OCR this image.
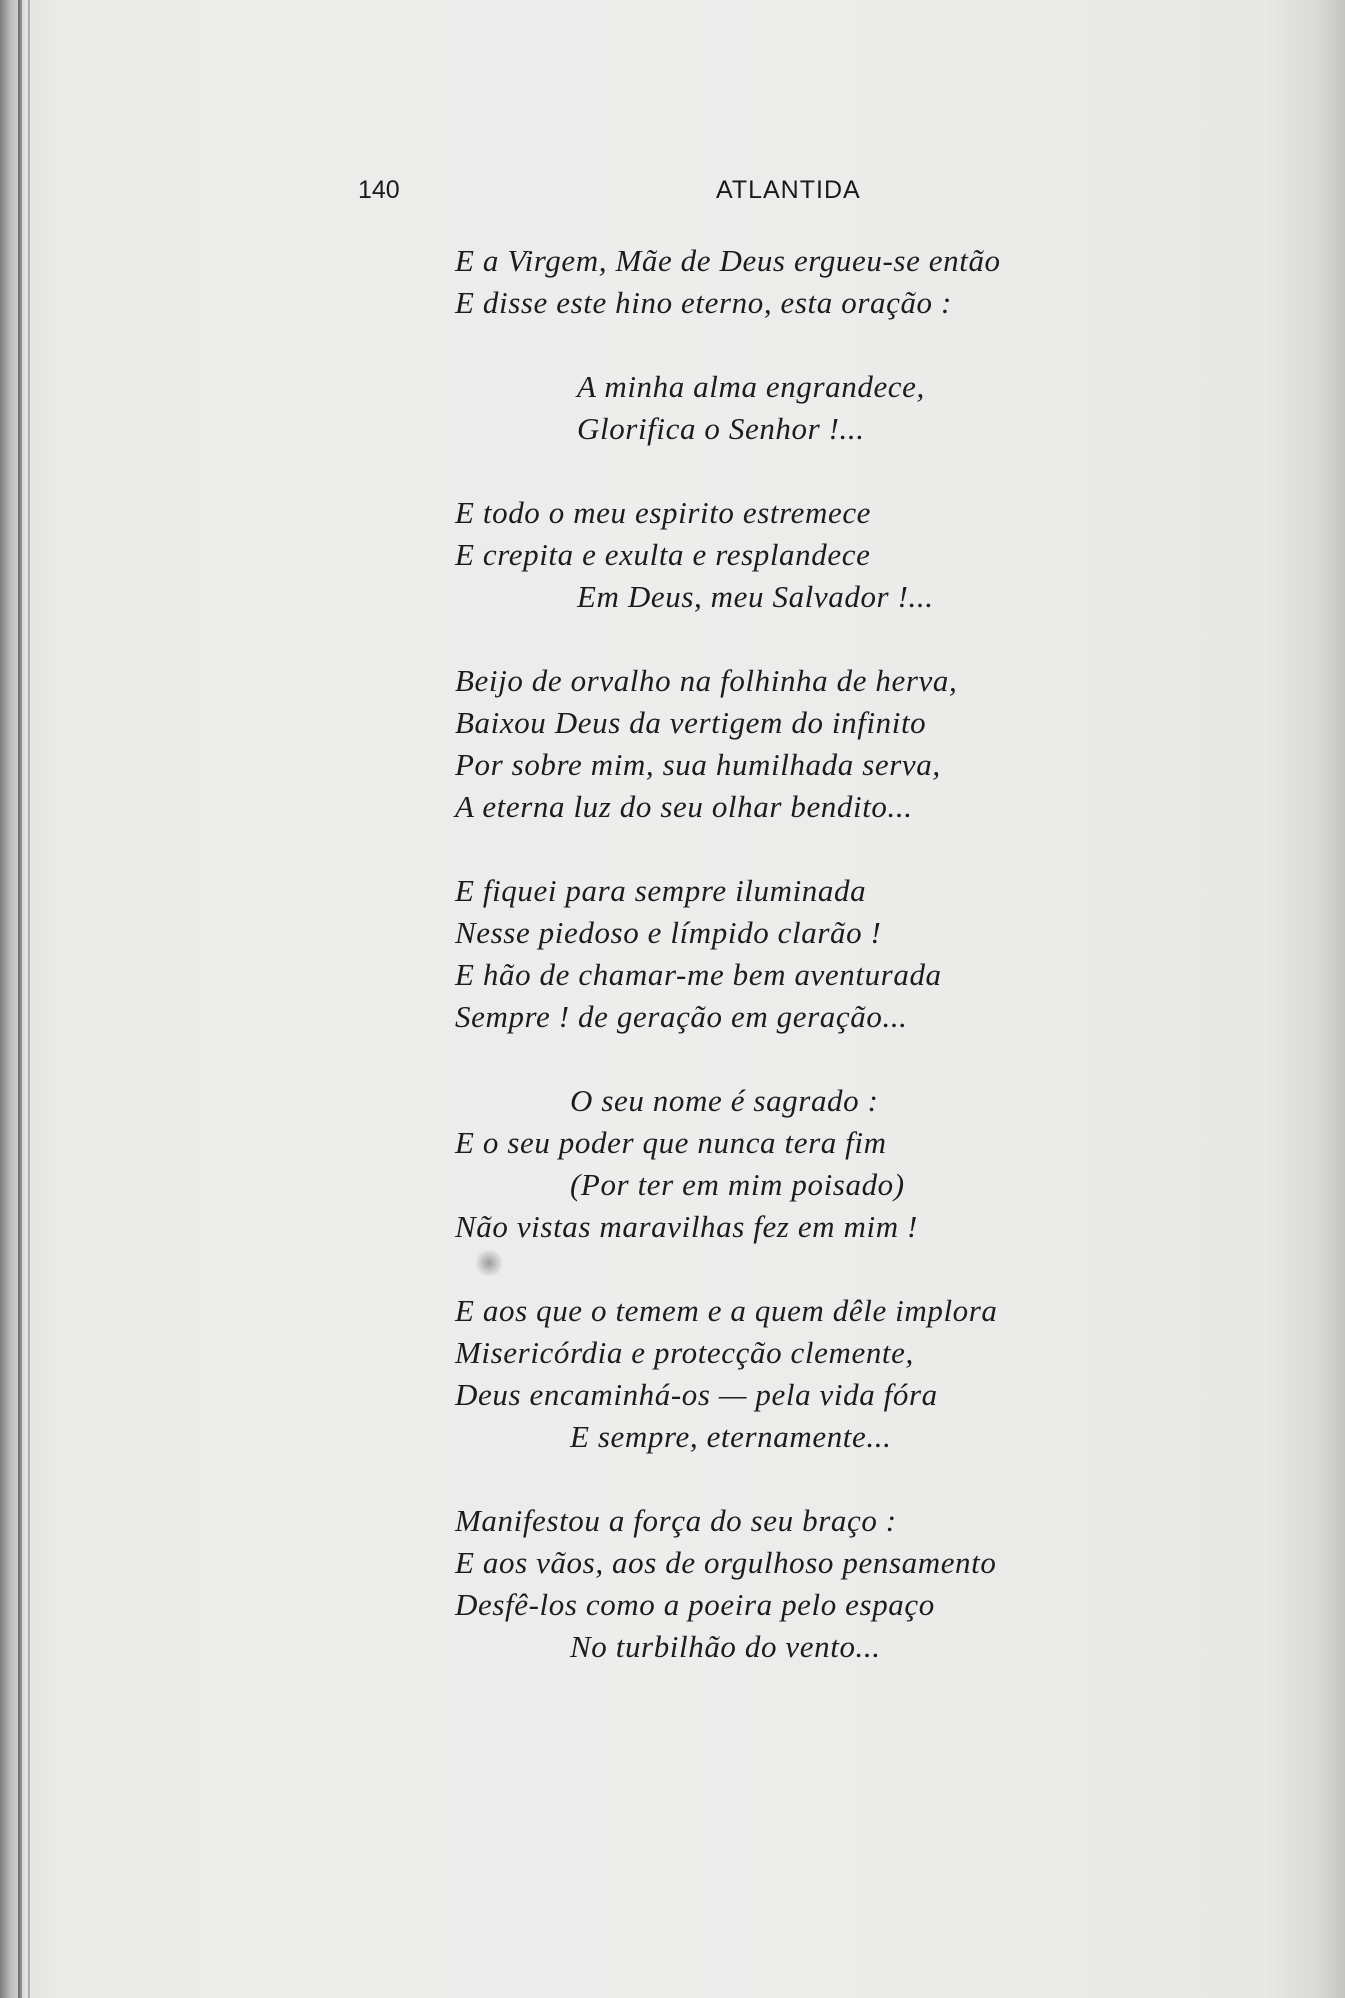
140	ATLANTIDA
E a Virgem, Mãe de Deus ergueu-se então
E disse este hino eterno, esta oração :
A minha alma engrandece,
Glorifica o Senhor !...
E todo o meu espirito estremece
E crepita e exulta e resplandece
Em Deus, meu Salvador !...
Beijo de orvalho na folhinha de herva,
Baixou Deus da vertigem do infinito
Por sobre mim, sua humilhada serva,
A eterna luz do seu olhar bendito...
E fiquei para sempre iluminada
Nesse piedoso e límpido clarão !
E hão de chamar-me bem aventurada
Sempre ! de geração em geração...
O seu nome é sagrado :
E o seu poder que nunca tera fim
(Por ter em mim poisado)
Não vistas maravilhas fez em mim !
E aos que o temem e a quem dêle implora
Misericórdia e protecção clemente,
Deus encaminhá-os — pela vida fóra
E sempre, eternamente...
Manifestou a força do seu braço :
E aos vãos, aos de orgulhoso pensamento
Desfê-los como a poeira pelo espaço
No turbilhão do vento...
